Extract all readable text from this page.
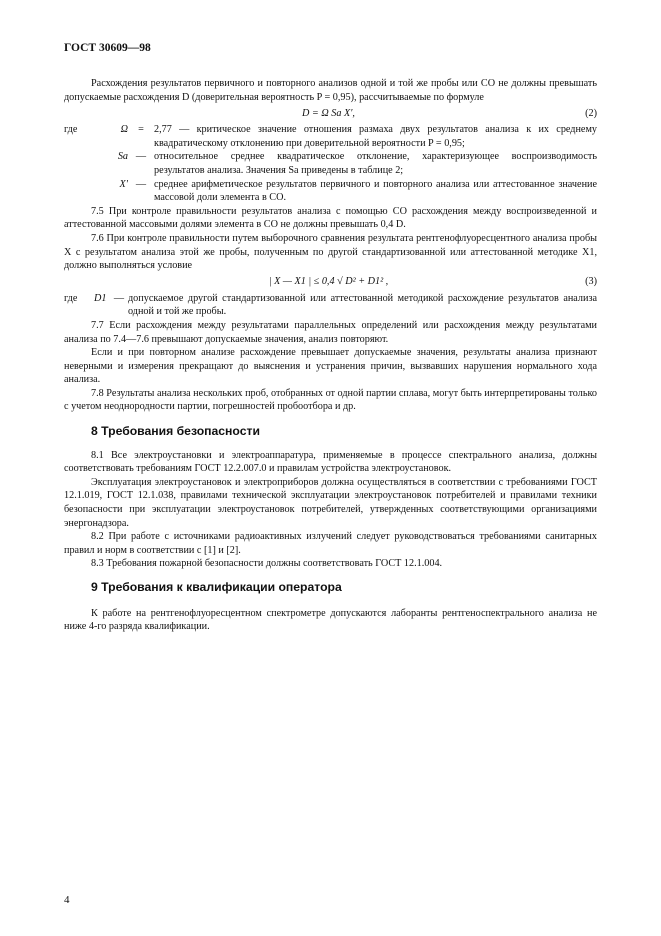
ГОСТ 30609—98

Расхождения результатов первичного и повторного анализов одной и той же пробы или СО не должны превышать допускаемые расхождения D (доверительная вероятность P = 0,95), рассчитываемые по формуле

D = Ω Sa X′,	(2)
где	Ω = 2,77 — критическое значение отношения размаха двух результатов анализа к их среднему квадратическому отклонению при доверительной вероятности P = 0,95;
Sa — относительное среднее квадратическое отклонение, характеризующее воспроизводимость результатов анализа. Значения Sa приведены в таблице 2;
X′ — среднее арифметическое результатов первичного и повторного анализа или аттестованное значение массовой доли элемента в СО.

7.5 При контроле правильности результатов анализа с помощью СО расхождения между воспроизведенной и аттестованной массовыми долями элемента в СО не должны превышать 0,4 D.

7.6 При контроле правильности путем выборочного сравнения результата рентгенофлуоресцентного анализа пробы X с результатом анализа этой же пробы, полученным по другой стандартизованной или аттестованной методике X1, должно выполняться условие

| X — X1 | ≤ 0,4 √ D² + D1² ,	(3)
где	D1 — допускаемое другой стандартизованной или аттестованной методикой расхождение результатов анализа одной и той же пробы.

7.7 Если расхождения между результатами параллельных определений или расхождения между результатами анализа по 7.4—7.6 превышают допускаемые значения, анализ повторяют.

Если и при повторном анализе расхождение превышает допускаемые значения, результаты анализа признают неверными и измерения прекращают до выяснения и устранения причин, вызвавших нарушения нормального хода анализа.

7.8 Результаты анализа нескольких проб, отобранных от одной партии сплава, могут быть интерпретированы только с учетом неоднородности партии, погрешностей пробоотбора и др.

8 Требования безопасности

8.1 Все электроустановки и электроаппаратура, применяемые в процессе спектрального анализа, должны соответствовать требованиям ГОСТ 12.2.007.0 и правилам устройства электроустановок.

Эксплуатация электроустановок и электроприборов должна осуществляться в соответствии с требованиями ГОСТ 12.1.019, ГОСТ 12.1.038, правилами технической эксплуатации электроустановок потребителей и правилами техники безопасности при эксплуатации электроустановок потребителей, утвержденных соответствующими организациями энергонадзора.

8.2 При работе с источниками радиоактивных излучений следует руководствоваться требованиями санитарных правил и норм в соответствии с [1] и [2].

8.3 Требования пожарной безопасности должны соответствовать ГОСТ 12.1.004.

9 Требования к квалификации оператора

К работе на рентгенофлуоресцентном спектрометре допускаются лаборанты рентгеноспектрального анализа не ниже 4-го разряда квалификации.

4
